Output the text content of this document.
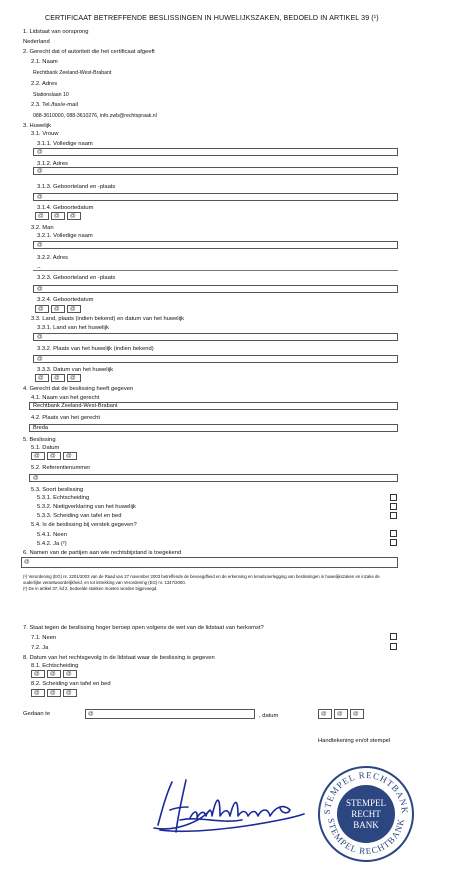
CERTIFICAAT BETREFFENDE BESLISSINGEN IN HUWELIJKSZAKEN, BEDOELD IN ARTIKEL 39 (¹)
1. Lidstaat van oorsprong
Nederland
2. Gerecht dat of autoriteit die het certificaat afgeeft
2.1. Naam
Rechtbank Zeeland-West-Brabant
2.2. Adres
Stationslaan 10
2.3. Tel./fax/e-mail
088-3610000, 088-3610276, info.zwb@rechtspraak.nl
3. Huwelijk
3.1. Vrouw
3.1.1. Volledige naam
@
3.1.2. Adres
@
3.1.3. Geboorteland en -plaats
@
3.1.4. Geboortedatum
@ @ @
3.2. Man
3.2.1. Volledige naam
@
3.2.2. Adres
--
3.2.3. Geboorteland en -plaats
@
3.2.4. Geboortedatum
@ @ @
3.3. Land, plaats (indien bekend) en datum van het huwelijk
3.3.1. Land van het huwelijk
@
3.3.2. Plaats van het huwelijk (indien bekend)
@
3.3.3. Datum van het huwelijk
@ @ @
4. Gerecht dat de beslissing heeft gegeven
4.1. Naam van het gerecht
Rechtbank Zeeland-West-Brabant
4.2. Plaats van het gerecht
Breda
5. Beslissing
5.1. Datum
@ @ @
5.2. Referentienummer
@
5.3. Soort beslissing
5.3.1. Echtscheiding
5.3.2. Nietigverklaring van het huwelijk
5.3.3. Scheiding van tafel en bed
5.4. Is de beslissing bij verstek gegeven?
5.4.1. Neen
5.4.2. Ja (²)
6. Namen van de partijen aan wie rechtsbijstand is toegekend
@
(¹) Verordening (EG) nr. 2201/2003 van de Raad van 27 november 2003 betreffende de bevoegdheid en de erkenning en tenuitvoerlegging van beslissingen in huwelijkszaken en inzake de
ouderlijke verantwoordelijkheid, en tot intrekking van Verordening (EG) nr. 1347/2000.
(²) De in artikel 37, lid 2, bedoelde stukken moeten worden bijgevoegd.
7. Staat tegen de beslissing hoger beroep open volgens de wet van de lidstaat van herkomst?
7.1. Neen
7.2. Ja
8. Datum van het rechtsgevolg in de lidstaat waar de beslissing is gegeven
8.1. Echtscheiding
@ @ @
8.2. Scheiding van tafel en bed
@ @ @
Gedaan te	@	, datum	@ @ @
Handtekening en/of stempel
STEMPEL RECHTBANK
STEMPEL RECHTBANK
STEMPEL
RECHT
BANK
